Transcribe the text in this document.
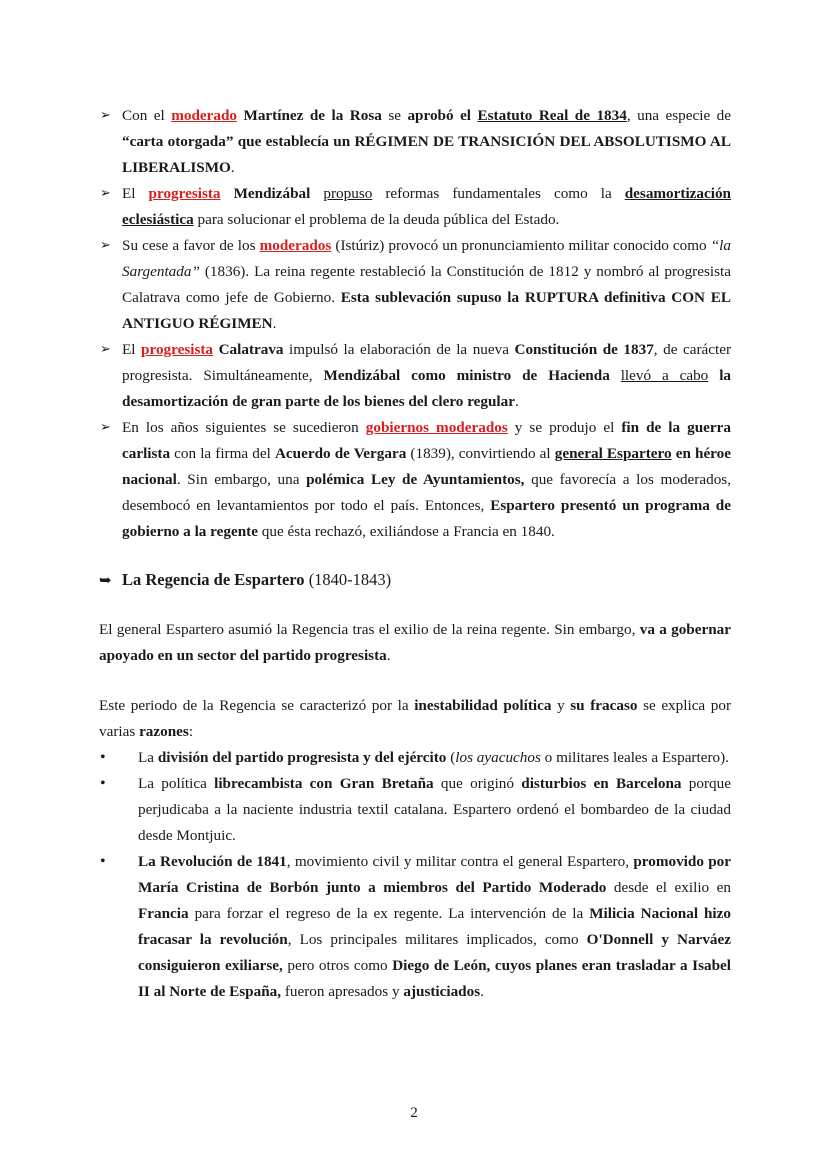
➢ Con el moderado Martínez de la Rosa se aprobó el Estatuto Real de 1834, una especie de “carta otorgada” que establecía un RÉGIMEN DE TRANSICIÓN DEL ABSOLUTISMO AL LIBERALISMO.

➢ El progresista Mendizábal propuso reformas fundamentales como la desamortización eclesiástica para solucionar el problema de la deuda pública del Estado.

➢ Su cese a favor de los moderados (Istúriz) provocó un pronunciamiento militar conocido como “la Sargentada” (1836). La reina regente restableció la Constitución de 1812 y nombró al progresista Calatrava como jefe de Gobierno. Esta sublevación supuso la RUPTURA definitiva CON EL ANTIGUO RÉGIMEN.

➢ El progresista Calatrava impulsó la elaboración de la nueva Constitución de 1837, de carácter progresista. Simultáneamente, Mendizábal como ministro de Hacienda llevó a cabo la desamortización de gran parte de los bienes del clero regular.

➢ En los años siguientes se sucedieron gobiernos moderados y se produjo el fin de la guerra carlista con la firma del Acuerdo de Vergara (1839), convirtiendo al general Espartero en héroe nacional. Sin embargo, una polémica Ley de Ayuntamientos, que favorecía a los moderados, desembocó en levantamientos por todo el país. Entonces, Espartero presentó un programa de gobierno a la regente que ésta rechazó, exiliándose a Francia en 1840.

➥ La Regencia de Espartero (1840-1843)

El general Espartero asumió la Regencia tras el exilio de la reina regente. Sin embargo, va a gobernar apoyado en un sector del partido progresista.

Este periodo de la Regencia se caracterizó por la inestabilidad política y su fracaso se explica por varias razones:

• La división del partido progresista y del ejército (los ayacuchos o militares leales a Espartero).

• La política librecambista con Gran Bretaña que originó disturbios en Barcelona porque perjudicaba a la naciente industria textil catalana. Espartero ordenó el bombardeo de la ciudad desde Montjuic.

• La Revolución de 1841, movimiento civil y militar contra el general Espartero, promovido por María Cristina de Borbón junto a miembros del Partido Moderado desde el exilio en Francia para forzar el regreso de la ex regente. La intervención de la Milicia Nacional hizo fracasar la revolución, Los principales militares implicados, como O'Donnell y Narváez consiguieron exiliarse, pero otros como Diego de León, cuyos planes eran trasladar a Isabel II al Norte de España, fueron apresados y ajusticiados.

2
